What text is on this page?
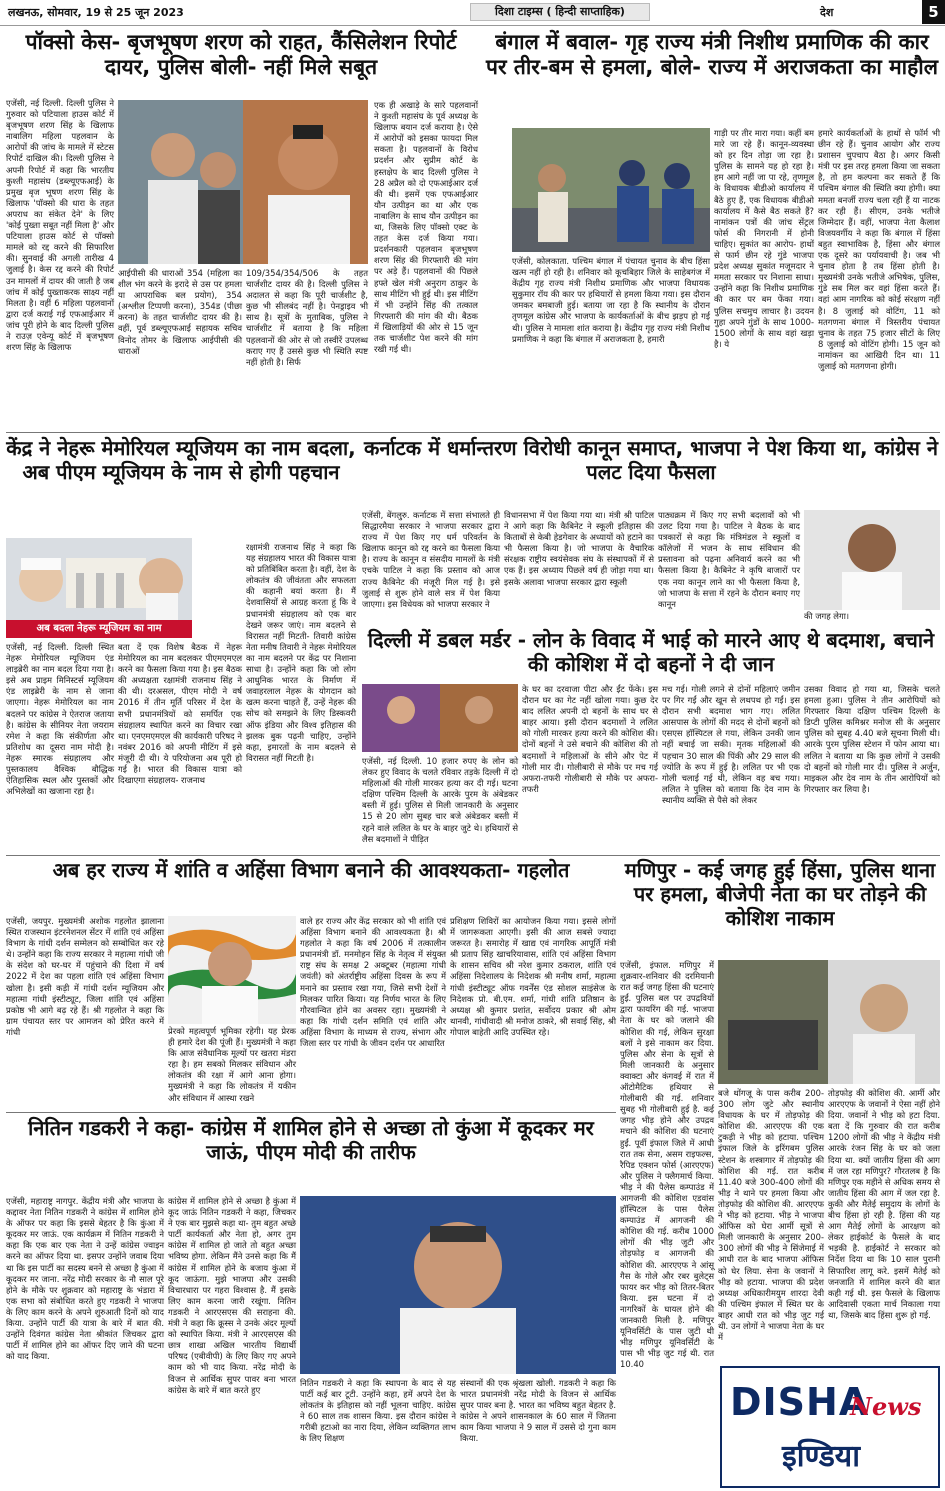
लखनऊ, सोमवार, 19 से 25 जून 2023	दिशा टाइम्स ( हिन्दी साप्ताहिक)	देश	5
पॉक्सो केस- बृजभूषण शरण को राहत, कैंसिलेशन रिपोर्ट दायर, पुलिस बोली- नहीं मिले सबूत
एजेंसी, नई दिल्ली. दिल्ली पुलिस ने गुरुवार को पटियाला हाउस कोर्ट में बृजभूषण शरण सिंह के खिलाफ नाबालिग महिला पहलवान के आरोपों की जांच के मामले में स्टेटस रिपोर्ट दाखिल की। दिल्ली पुलिस ने अपनी रिपोर्ट में कहा कि भारतीय कुश्ती महासंघ (डब्ल्यूएफआई) के प्रमुख बृज भूषण शरण सिंह के खिलाफ 'पॉक्सो की धारा के तहत अपराध का संकेत देने' के लिए 'कोई पुख्ता सबूत नहीं मिला है' और पटियाला हाउस कोर्ट से पॉक्सो मामले को रद्द करने की सिफारिश की। सुनवाई की अगली तारीख 4 जुलाई है। केस रद्द करने की रिपोर्ट उन मामलों में दायर की जाती है जब जांच में कोई पुख्ताकरक साक्ष्य नहीं मिलता है। वहीं 6 महिला पहलवानों द्वारा दर्ज कराई गई एफआईआर में जांच पूरी होने के बाद दिल्ली पुलिस ने राउज़ एवेन्यू कोर्ट में बृजभूषण शरण सिंह के खिलाफ
आईपीसी की धाराओं 354 (महिला का शील भंग करने के इरादे से उस पर हमला या आपराधिक बल प्रयोग), 354 (अश्लील टिप्पणी करना), 354ड (पीछा करना) के तहत चार्जशीट दायर की है। वहीं, पूर्व डब्ल्यूएफआई सहायक सचिव विनोद तोमर के खिलाफ आईपीसी की धाराओं
109/354/354/506 के तहत चार्जशीट दायर की है। दिल्ली पुलिस ने अदालत से कहा कि पूरी चार्जशीट है, कुछ भी सीलबंद नहीं है। पेनड्राइव भी साथ है। सूत्रों के मुताबिक, पुलिस ने चार्जशीट में बताया है कि महिला पहलवानों की ओर से जो तस्वीरें उपलब्ध कराए गए हैं उससे कुछ भी स्थिति स्पष्ट नहीं होती है। सिर्फ
एक ही अखाड़े के सारे पहलवानों ने कुश्ती महासंघ के पूर्व अध्यक्ष के खिलाफ बयान दर्ज कराया है। ऐसे में आरोपों को इसका फायदा मिल सकता है। पहलवानों के विरोध प्रदर्शन और सुप्रीम कोर्ट के हस्तक्षेप के बाद दिल्ली पुलिस ने 28 अप्रैल को दो एफआईआर दर्ज की थी। इसमें एक एफआईआर यौन उत्पीड़न का था और एक नाबालिग के साथ यौन उत्पीड़न का था, जिसके लिए पॉक्सो एक्ट के तहत केस दर्ज किया गया। प्रदर्शनकारी पहलवान बृजभूषण शरण सिंह की गिरफ्तारी की मांग पर अड़े हैं। पहलवानों की पिछले हफ्ते खेल मंत्री अनुराग ठाकुर के साथ मीटिंग भी हुई थी। इस मीटिंग में भी उन्होंने सिंह की तत्काल गिरफ्तारी की मांग की थी। बैठक में खिलाड़ियों की ओर से 15 जून तक चार्जशीट पेश करने की मांग रखी गई थी।
बंगाल में बवाल- गृह राज्य मंत्री निशीथ प्रमाणिक की कार पर तीर-बम से हमला, बोले- राज्य में अराजकता का माहौल
एजेंसी, कोलकाता. पश्चिम बंगाल में पंचायत चुनाव के बीच हिंसा खत्म नहीं हो रही है। शनिवार को कूचबिहार जिले के साहेबगंज में केंद्रीय गृह राज्य मंत्री निशीथ प्रमाणिक और भाजपा विधायक सुकुमार रॉय की कार पर हथियारों से हमला किया गया। इस दौरान जमकर बमबाजी हुई। बताया जा रहा है कि स्थानीय के दौरान तृणमूल कांग्रेस और भाजपा के कार्यकर्ताओं के बीच झड़प हो गई थी। पुलिस ने मामला शांत कराया है। केंद्रीय गृह राज्य मंत्री निशीथ प्रमाणिक ने कहा कि बंगाल में अराजकता है, हमारी
गाड़ी पर तीर मारा गया। कहीं बम मारे जा रहे हैं। कानून-व्यवस्था को हर दिन तोड़ा जा रहा है। पुलिस के सामने यह हो रहा है। हम आगे नहीं जा पा रहे, तृणमूल के विधायक बीडीओ कार्यालय में बैठे हुए हैं, एक विधायक बीडीओ कार्यालय में कैसे बैठ सकते हैं? नामांकन पत्रों की जांच सेंट्रल फोर्स की निगरानी में होनी चाहिए। सुकांत का आरोप- हाथों से फार्म छीन रहे गुंडे भाजपा प्रदेश अध्यक्ष सुकांत मजूमदार ने ममता सरकार पर निशाना साधा। उन्होंने कहा कि निशीथ प्रमाणिक की कार पर बम फेंका गया। पुलिस सचमुच लाचार है। उदयन गुहा अपने गुंडों के साथ 1000-1500 लोगों के साथ वहां खड़ा है। ये
हमारे कार्यकर्ताओं के हाथों से फॉर्म भी छीन रहे हैं। चुनाव आयोग और राज्य प्रशासन चुपचाप बैठा है। अगर किसी मंत्री पर इस तरह हमला किया जा सकता है, तो हम कल्पना कर सकते हैं कि पश्चिम बंगाल की स्थिति क्या होगी। क्या ममता बनर्जी राज्य चला रही हैं या नाटक कर रही हैं। सीएम, उनके भतीजे जिम्मेदार हैं। वहीं, भाजपा नेता कैलाश विजयवर्गीय ने कहा कि बंगाल में हिंसा बहुत स्वाभाविक है, हिंसा और बंगाल एक दूसरे का पर्यायवाची है। जब भी चुनाव होता है तब हिंसा होती है। मुख्यमंत्री उनके भतीजे अभिषेक, पुलिस, गुंडे सब मिल कर वहां हिंसा करते हैं। वहां आम नागरिक को कोई संरक्षण नहीं है। 8 जुलाई को वोटिंग, 11 को मतगणना बंगाल में त्रिस्तरीय पंचायत चुनाव के तहत 75 हजार सीटों के लिए 8 जुलाई को वोटिंग होगी। 15 जून को नामांकन का आखिरी दिन था। 11 जुलाई को मतगणना होगी।
केंद्र ने नेहरू मेमोरियल म्यूजियम का नाम बदला, अब पीएम म्यूजियम के नाम से होगी पहचान
अब बदला नेहरू म्यूजियम का नाम
एजेंसी, नई दिल्ली. दिल्ली स्थित नेहरू मेमोरियल म्यूजियम एंड लाइब्रेरी का नाम बदल दिया गया है। इसे अब प्राइम मिनिस्टर्स म्यूजियम एंड लाइब्रेरी के नाम से जाना जाएगा। नेहरू मेमोरियल का नाम बदलने पर कांग्रेस ने ऐतराज जताया है। कांग्रेस के सीनियर नेता जयराम रमेश ने कहा कि संकीर्णता और प्रतिशोध का दूसरा नाम मोदी है। नेहरू स्मारक संग्रहालय और पुस्तकालय वैश्विक बौद्धिक ऐतिहासिक स्थल और पुस्तकों और अभिलेखों का खजाना रहा है।
बता दें एक विशेष बैठक में नेहरू मेमोरियल का नाम बदलकर पीएमएमएल करने का फैसला किया गया है। इस बैठक की अध्यक्षता रक्षामंत्री राजनाथ सिंह ने की थी। दरअसल, पीएम मोदी ने वर्ष 2016 में तीन मूर्ति परिसर में देश के सभी प्रधानमंत्रियों को समर्पित एक संग्रहालय स्थापित करने का विचार रखा था। एनएमएमएल की कार्यकारी परिषद ने नवंबर 2016 को अपनी मीटिंग में इसे मंजूरी दी थी। ये परियोजना अब पूरी हो गई है। भारत की विकास यात्रा को दिखाएगा संग्रहालय- राजनाथ
रक्षामंत्री राजनाथ सिंह ने कहा कि यह संग्रहालय भारत की विकास यात्रा को प्रतिबिंबित करता है। वहीं, देश के लोकतंत्र की जीवंतता और सफलता की कहानी बयां करता है। मैं देशवासियों से आग्रह करता हूं कि वे प्रधानमंत्री संग्रहालय को एक बार देखने जरूर जाएं। नाम बदलने से विरासत नहीं मिटती- तिवारी कांग्रेस नेता मनीष तिवारी ने नेहरू मेमोरियल का नाम बदलने पर केंद्र पर निशाना साधा है। उन्होंने कहा कि जो लोग आधुनिक भारत के निर्माण में जवाहरलाल नेहरू के योगदान को खत्म करना चाहते हैं, उन्हें नेहरू की सोच को समझने के लिए डिस्कवरी ऑफ इंडिया और विश्व इतिहास की झलक बुक पढ़नी चाहिए, उन्होंने कहा, इमारतों के नाम बदलने से विरासत नहीं मिटती है।
कर्नाटक में धर्मान्तरण विरोधी कानून समाप्त, भाजपा ने पेश किया था, कांग्रेस ने पलट दिया फैसला
एजेंसी, बेंगलुरु. कर्नाटक में सत्ता संभालते ही सिद्धारमैया सरकार ने भाजपा सरकार द्वारा राज्य में पेश किए गए धर्म परिवर्तन के खिलाफ कानून को रद्द करने का फैसला किया है। राज्य के कानून व संसदीय मामलों के मंत्री एचके पाटिल ने कहा कि प्रस्ताव को आज राज्य कैबिनेट की मंजूरी मिल गई है। इसे जुलाई से शुरू होने वाले सत्र में पेश किया जाएगा। इस विधेयक को भाजपा सरकार ने
विधानसभा में पेश किया गया था। मंत्री श्री पाटिल ने आगे कहा कि कैबिनेट ने स्कूली इतिहास की किताबों से केबी हेडगेवार के अध्यायों को हटाने का भी फैसला किया है। जो भाजपा के वैचारिक संरक्षक राष्ट्रीय स्वयंसेवक संघ के संस्थापकों में से एक हैं। इस अध्याय पिछले वर्ष ही जोड़ा गया था। इसके अलावा भाजपा सरकार द्वारा स्कूली
पाठ्यक्रम में किए गए सभी बदलावों को भी उलट दिया गया है। पाटिल ने बैठक के बाद पत्रकारों से कहा कि मंत्रिमंडल ने स्कूलों व कॉलेजों में भजन के साथ संविधान की प्रस्तावना को पढ़ना अनिवार्य करने का भी फैसला किया है। कैबिनेट ने कृषि बाजारों पर एक नया कानून लाने का भी फैसला किया है, जो भाजपा के सत्ता में रहने के दौरान बनाए गए कानून
की जगह लेगा।
दिल्ली में डबल मर्डर - लोन के विवाद में भाई को मारने आए थे बदमाश, बचाने की कोशिश में दो बहनों ने दी जान
एजेंसी, नई दिल्ली. 10 हजार रुपए के लोन को लेकर हुए विवाद के चलते रविवार तड़के दिल्ली में दो महिलाओं की गोली मारकर हत्या कर दी गई। घटना दक्षिण पश्चिम दिल्ली के आरके पुरम के अंबेडकर बस्ती में हुई। पुलिस से मिली जानकारी के अनुसार 15 से 20 लोग सुबह चार बजे अंबेडकर बस्ती में रहने वाले ललित के घर के बाहर जुटे थे। हथियारों से लैस बदमाशों ने पीड़ित
के घर का दरवाजा पीटा और ईंट फेंके। इस दौरान घर का गेट नहीं खोला गया। कुछ देर बाद ललित अपनी दो बहनों के साथ घर से बाहर आया। इसी दौरान बदमाशों ने ललित को गोली मारकर हत्या करने की कोशिश की। दोनों बहनों ने उसे बचाने की कोशिश की तो बदमाशों ने महिलाओं के सीने और पेट में गोली मार दी। गोलीबारी से मौके पर मच गई अफरा-तफरी गोलीबारी से मौके पर अफरा-तफरी
मच गई। गोली लगने से दोनों महिलाएं जमीन पर गिर गईं और खून से लथपथ हो गईं। इस दौरान सभी बदमाश भाग गए। ललित आसपास के लोगों की मदद से दोनों बहनों को एसएस हॉस्पिटल ले गया, लेकिन उनकी जान नहीं बचाई जा सकी। मृतक महिलाओं की पहचान 30 साल की पिंकी और 29 साल की ज्योति के रूप में हुई है। ललित पर भी एक गोली चलाई गई थी, लेकिन वह बच गया। ललित ने पुलिस को बताया कि देव नाम के स्थानीय व्यक्ति से पैसे को लेकर
उसका विवाद हो गया था, जिसके चलते हमला हुआ। पुलिस ने तीन आरोपियों को गिरफ्तार किया दक्षिण पश्चिम दिल्ली के डिप्टी पुलिस कमिश्नर मनोज सी के अनुसार पुलिस को सुबह 4.40 बजे सूचना मिली थी। आरके पुरम पुलिस स्टेशन में फोन आया था। ललित ने बताया था कि कुछ लोगों ने उसकी दो बहनों को गोली मार दी। पुलिस ने अर्जुन, माइकल और देव नाम के तीन आरोपियों को गिरफ्तार कर लिया है।
अब हर राज्य में शांति व अहिंसा विभाग बनाने की आवश्यकता- गहलोत
एजेंसी, जयपुर. मुख्यमंत्री अशोक गहलोत झालाना स्थित राजस्थान इंटरनेशनल सेंटर में शांति एवं अहिंसा विभाग के गांधी दर्शन सम्मेलन को सम्बोधित कर रहे थे। उन्होंने कहा कि राज्य सरकार ने महात्मा गांधी जी के संदेश को घर-घर में पहुंचाने की दिशा में वर्ष 2022 में देश का पहला शांति एवं अहिंसा विभाग खोला है। इसी कड़ी में गांधी दर्शन म्यूजियम और महात्मा गांधी इंस्टीट्यूट, जिला शांति एवं अहिंसा प्रकोष्ठ भी आगे बढ़ रहे हैं। श्री गहलोत ने कहा कि ग्राम पंचायत स्तर पर आमजन को प्रेरित करने में गांधी	प्रेरको महत्वपूर्ण भूमिका रहेगी। यह प्रेरक ही हमारे देश की पूंजी हैं। मुख्यमंत्री ने कहा कि आज संवैधानिक मूल्यों पर खतरा मंडरा रहा है। हम सबको मिलकर संविधान और लोकतंत्र की रक्षा में आगे आना होगा। मुख्यमंत्री ने कहा कि लोकतंत्र में यकीन और संविधान में आस्था रखने
वाले हर राज्य और केंद्र सरकार को भी शांति एवं अहिंसा विभाग बनाने की आवश्यकता है। श्री गहलोत ने कहा कि वर्ष 2006 में तत्कालीन प्रधानमंत्री डॉ. मनमोहन सिंह के नेतृत्व में संयुक्त राष्ट्र संघ के समक्ष 2 अक्टूबर (महात्मा गांधी जयंती) को अंतर्राष्ट्रीय अहिंसा दिवस के रूप में मनाने का प्रस्ताव रखा गया, जिसे सभी देशों ने मिलकर पारित किया। यह निर्णय भारत के लिए गौरवान्वित होने का अवसर रहा। मुख्यमंत्री ने कहा कि गांधी दर्शन समिति एवं शांति और अहिंसा विभाग के माध्यम से राज्य, संभाग और जिला स्तर पर गांधी के जीवन दर्शन पर आधारित
प्रशिक्षण शिविरों का आयोजन किया गया। इससे लोगों में जागरूकता आएगी। इसी की आज सबसे ज्यादा जरूरत है। समारोह में खाद्य एवं नागरिक आपूर्ति मंत्री श्री प्रताप सिंह खाचरियावास, शांति एवं अहिंसा विभाग के शासन सचिव श्री नरेश कुमार ठकराल, शांति एवं अहिंसा निदेशालय के निदेशक श्री मनीष शर्मा, महात्मा गांधी इंस्टीट्यूट ऑफ गवर्नेंस एंड सोशल साइंसेज के निदेशक प्रो. बी.एम. शर्मा, गांधी शांति प्रतिष्ठान के अध्यक्ष श्री कुमार प्रशांत, सर्वोदय प्रकार श्री ओम थानवी, गांधीवादी श्री मनोज ठाकरे, श्री सवाई सिंह, श्री गोपाल बाहेती आदि उपस्थित रहे।
मणिपुर - कई जगह हुई हिंसा, पुलिस थाना पर हमला, बीजेपी नेता का घर तोड़ने की कोशिश नाकाम
एजेंसी, इंफाल. मणिपुर में शुक्रवार-शनिवार की दरमियानी रात कई जगह हिंसा की घटनाएं हुईं. पुलिस बल पर उपद्रवियों द्वारा फायरिंग की गई. भाजपा नेता के घर को जलाने की कोशिश की गई, लेकिन सुरक्षा बलों ने इसे नाकाम कर दिया. पुलिस और सेना के सूत्रों से मिली जानकारी के अनुसार क्वाक्टा और कंगवई में रात में ऑटोमैटिक हथियार से गोलीबारी की गई. शनिवार सुबह भी गोलीबारी हुई है. कई जगह भीड़ होने और उपद्रव मचाने की कोशिश की घटनाएं हुईं. पूर्वी इंफाल जिले में आधी रात तक सेना, असम राइफल्स, रैपिड एक्शन फोर्स (आरएएफ) और पुलिस ने फ्लैगमार्च किया. भीड़ ने की पैलेस कम्पाउंड में आगजनी की कोशिश एडवांस हॉस्पिटल के पास पैलेस कम्पाउंड में आगजनी की कोशिश की गई. करीब 1000 लोगों की भीड़ जुटी और तोड़फोड़ व आगजनी की कोशिश की. आरएएफ ने आंसू गैस के गोले और रबर बुलेट्स फायर कर भीड़ को तितर-बितर किया. इस घटना में दो नागरिकों के घायल होने की जानकारी मिली है. मणिपुर यूनिवर्सिटी के पास जुटी थी भीड़ मणिपुर यूनिवर्सिटी के पास भी भीड़ जुट गई थी. रात 10.40
बजे थोंगजू के पास करीब 200-300 लोग जुटे और स्थानीय विधायक के घर में तोड़फोड़ की कोशिश की. आरएएफ की एक टुकड़ी ने भीड़ को हटाया. पश्चिम इंफाल जिले के इरिंगबम पुलिस स्टेशन के शस्त्रागार में तोड़फोड़ की कोशिश की गई. रात करीब 11.40 बजे 300-400 लोगों की भीड़ ने थाने पर हमला किया और तोड़फोड़ की कोशिश की. आरएएफ ने भीड़ को हटाया. भीड़ ने भाजपा ऑफिस को घेरा आर्मी सूत्रों से मिली जानकारी के अनुसार 200-300 लोगों की भीड़ ने सिंजेमाई में आधी रात के बाद भाजपा ऑफिस को घेर लिया. सेना के जवानों ने भीड़ को हटाया. भाजपा की प्रदेश अध्यक्ष अधिकारीमयुम शारदा देवी की पश्चिम इंफाल में स्थित घर के बाहर आधी रात को भीड़ जुट गई थी. उन लोगों ने भाजपा नेता के घर में
तोड़फोड़ की कोशिश की. आर्मी और आरएएफ के जवानों ने ऐसा नहीं होने दिया. जवानों ने भीड़ को हटा दिया. बता दें कि गुरुवार की रात करीब 1200 लोगों की भीड़ ने केंद्रीय मंत्री आरके रंजन सिंह के घर को जला दिया था. क्यों जातीय हिंसा की आग में जल रहा मणिपुर? गौरतलब है कि मणिपुर एक महीने से अधिक समय से जातीय हिंसा की आग में जल रहा है. कुकी और मैतेई समुदाय के लोगों के बीच हिंसा हो रही है. हिंसा की यह आग मैतेई लोगों के आरक्षण को लेकर हाईकोर्ट के फैसले के बाद भड़की है. हाईकोर्ट ने सरकार को निर्देश दिया था कि 10 साल पुरानी सिफारिश लागू करे. इसमें मैतेई को जनजाति में शामिल करने की बात कही गई थी. इस फैसले के खिलाफ आदिवासी एकता मार्च निकाला गया था, जिसके बाद हिंसा शुरू हो गई.
नितिन गडकरी ने कहा- कांग्रेस में शामिल होने से अच्छा तो कुंआ में कूदकर मर जाऊं, पीएम मोदी की तारीफ
एजेंसी, महाराष्ट्र नागपुर. केंद्रीय मंत्री और भाजपा के कद्दावर नेता नितिन गडकरी ने कांग्रेस में शामिल होने के ऑफर पर कहा कि इससे बेहतर है कि कुंआ में कूदकर मर जाऊं. एक कार्यक्रम में नितिन गडकरी ने कहा कि एक बार एक नेता ने उन्हें कांग्रेस ज्वाइन करने का ऑफर दिया था. इसपर उन्होंने जवाब दिया था कि इस पार्टी का सदस्य बनने से अच्छा है कुंआ में कूदकर मर जाना. नरेंद्र मोदी सरकार के नौ साल पूरे होने के मौके पर शुक्रवार को महाराष्ट्र के भंडारा में एक सभा को संबोधित करते हुए गडकरी ने भाजपा के लिए काम करने के अपने शुरुआती दिनों को याद किया. उन्होंने पार्टी की यात्रा के बारे में बात की. उन्होंने दिवंगत कांग्रेस नेता श्रीकांत जिचकर द्वारा पार्टी में शामिल होने का ऑफर दिए जाने की घटना को याद किया.
कांग्रेस में शामिल होने से अच्छा है कुंआ में कूद जाऊं नितिन गडकरी ने कहा, जिचकर ने एक बार मुझसे कहा था- तुम बहुत अच्छे पार्टी कार्यकर्ता और नेता हो, अगर तुम कांग्रेस में शामिल हो जाते तो बहुत अच्छा भविष्य होगा. लेकिन मैंने उनसे कहा कि मैं कांग्रेस में शामिल होने के बजाय कुंआ में कूद जाऊंगा. मुझे भाजपा और उसकी विचारधारा पर गहरा विश्वास है. मैं इसके लिए काम करना जारी रखूंगा. नितिन गडकरी ने आरएसएस की सराहना की. मंत्री ने कहा कि क्रूस्स ने उनके अंदर मूल्यों को स्थापित किया. मंत्री ने आरएसएस की छात्र शाखा अखिल भारतीय विद्यार्थी परिषद (एबीवीपी) के लिए किए गए अपने काम को भी याद किया. नरेंद्र मोदी के विजन से आर्थिक सुपर पावर बना भारत कांग्रेस के बारे में बात करते हुए
नितिन गडकरी ने कहा कि स्थापना के बाद से यह पार्टी कई बार टूटी. उन्होंने कहा, हमें अपने देश के लोकतंत्र के इतिहास को नहीं भूलना चाहिए. कांग्रेस ने 60 साल तक शासन किया. इस दौरान कांग्रेस ने गरीबी हटाओ का नारा दिया, लेकिन व्यक्तिगत लाभ के लिए शिक्षण
संस्थानों की एक श्रृंखला खोली. गडकरी ने कहा कि भारत प्रधानमंत्री नरेंद्र मोदी के विजन से आर्थिक सुपर पावर बना है. भारत का भविष्य बहुत बेहतर है. कांग्रेस ने अपने शासनकाल के 60 साल में जितना काम किया भाजपा ने 9 साल में उससे दो गुना काम किया.
DISHA
News
इण्डिया
